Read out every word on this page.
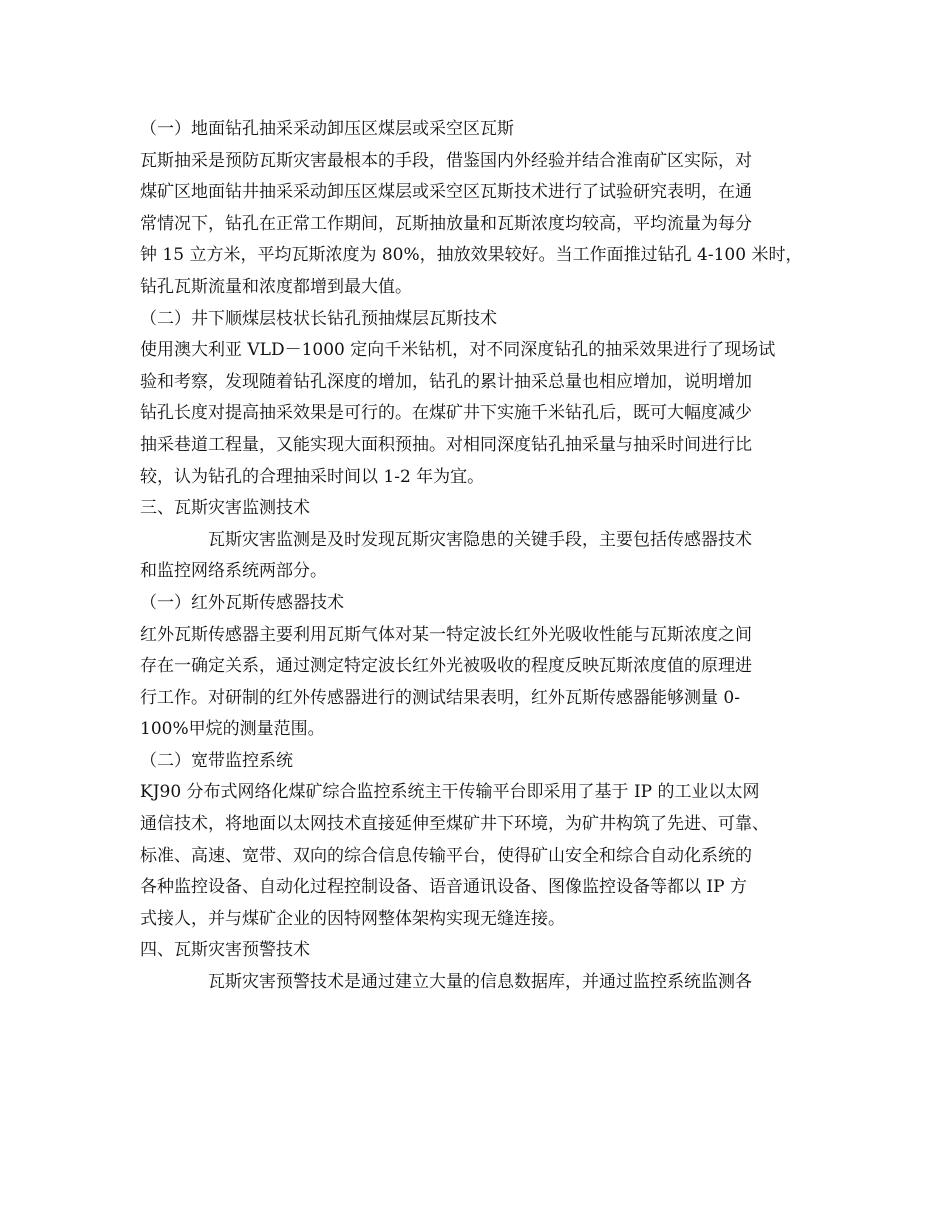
（一）地面钻孔抽采采动卸压区煤层或采空区瓦斯
瓦斯抽采是预防瓦斯灾害最根本的手段，借鉴国内外经验并结合淮南矿区实际，对
煤矿区地面钻井抽采采动卸压区煤层或采空区瓦斯技术进行了试验研究表明，在通
常情况下，钻孔在正常工作期间，瓦斯抽放量和瓦斯浓度均较高，平均流量为每分
钟 15 立方米，平均瓦斯浓度为 80%，抽放效果较好。当工作面推过钻孔 4-100 米时，
钻孔瓦斯流量和浓度都增到最大值。
（二）井下顺煤层枝状长钻孔预抽煤层瓦斯技术
使用澳大利亚 VLD－1000 定向千米钻机，对不同深度钻孔的抽采效果进行了现场试
验和考察，发现随着钻孔深度的增加，钻孔的累计抽采总量也相应增加，说明增加
钻孔长度对提高抽采效果是可行的。在煤矿井下实施千米钻孔后，既可大幅度减少
抽采巷道工程量，又能实现大面积预抽。对相同深度钻孔抽采量与抽采时间进行比
较，认为钻孔的合理抽采时间以 1-2 年为宜。
三、瓦斯灾害监测技术
瓦斯灾害监测是及时发现瓦斯灾害隐患的关键手段，主要包括传感器技术
和监控网络系统两部分。
（一）红外瓦斯传感器技术
红外瓦斯传感器主要利用瓦斯气体对某一特定波长红外光吸收性能与瓦斯浓度之间
存在一确定关系，通过测定特定波长红外光被吸收的程度反映瓦斯浓度值的原理进
行工作。对研制的红外传感器进行的测试结果表明，红外瓦斯传感器能够测量 0-
100%甲烷的测量范围。
（二）宽带监控系统
KJ90 分布式网络化煤矿综合监控系统主干传输平台即采用了基于 IP 的工业以太网
通信技术，将地面以太网技术直接延伸至煤矿井下环境，为矿井构筑了先进、可靠、
标准、高速、宽带、双向的综合信息传输平台，使得矿山安全和综合自动化系统的
各种监控设备、自动化过程控制设备、语音通讯设备、图像监控设备等都以 IP 方
式接人，并与煤矿企业的因特网整体架构实现无缝连接。
四、瓦斯灾害预警技术
瓦斯灾害预警技术是通过建立大量的信息数据库，并通过监控系统监测各
